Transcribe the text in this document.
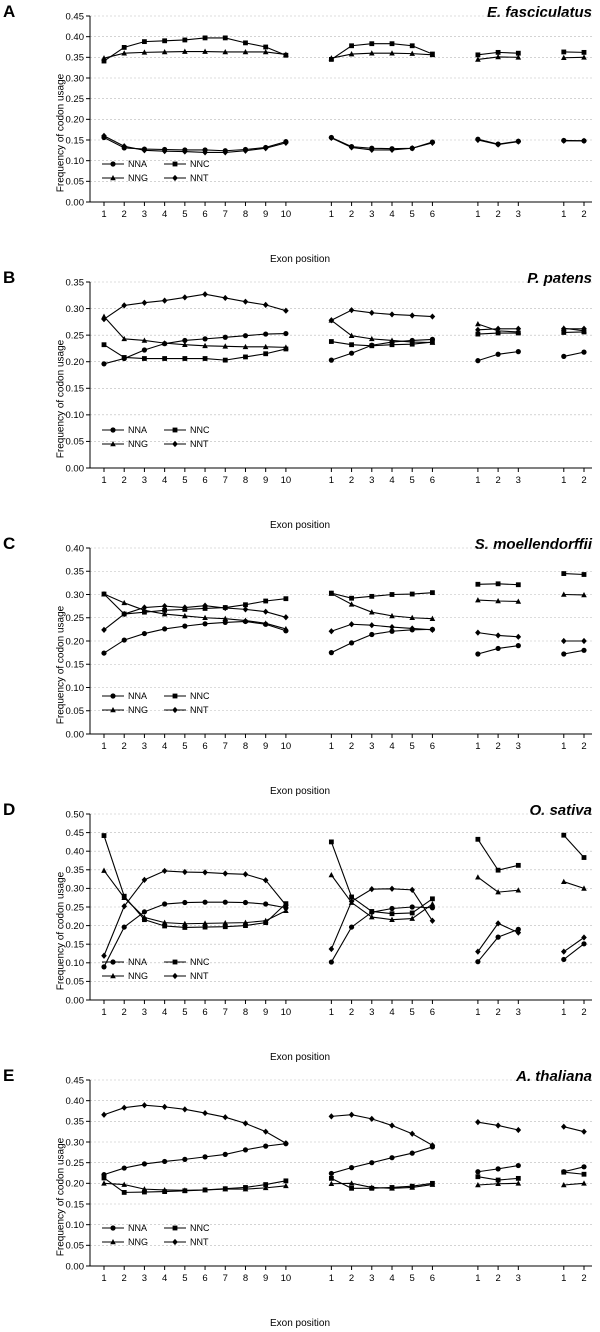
A	E. fasciculatus
Frequency of codon usage
0.00
0.05
0.10
0.15
0.20
0.25
0.30
0.35
0.40
0.45
1 2 3 4 5 6 7 8 9 10	1 2 3 4 5 6	1 2 3	1 2
NNA	NNC
NNG	NNT
Exon position
B	P. patens
Frequency of codon usage
0.00
0.05
0.10
0.15
0.20
0.25
0.30
0.35
1 2 3 4 5 6 7 8 9 10	1 2 3 4 5 6	1 2 3	1 2
NNA	NNC
NNG	NNT
Exon position
C	S. moellendorffii
Frequency of codon usage
0.00
0.05
0.10
0.15
0.20
0.25
0.30
0.35
0.40
1 2 3 4 5 6 7 8 9 10	1 2 3 4 5 6	1 2 3	1 2
NNA	NNC
NNG	NNT
Exon position
D	O. sativa
Frequency of codon usage
0.00
0.05
0.10
0.15
0.20
0.25
0.30
0.35
0.40
0.45
0.50
1 2 3 4 5 6 7 8 9 10	1 2 3 4 5 6	1 2 3	1 2
NNA	NNC
NNG	NNT
Exon position
E	A. thaliana
Frequency of codon usage
0.00
0.05
0.10
0.15
0.20
0.25
0.30
0.35
0.40
0.45
1 2 3 4 5 6 7 8 9 10	1 2 3 4 5 6	1 2 3	1 2
NNA	NNC
NNG	NNT
Exon position
